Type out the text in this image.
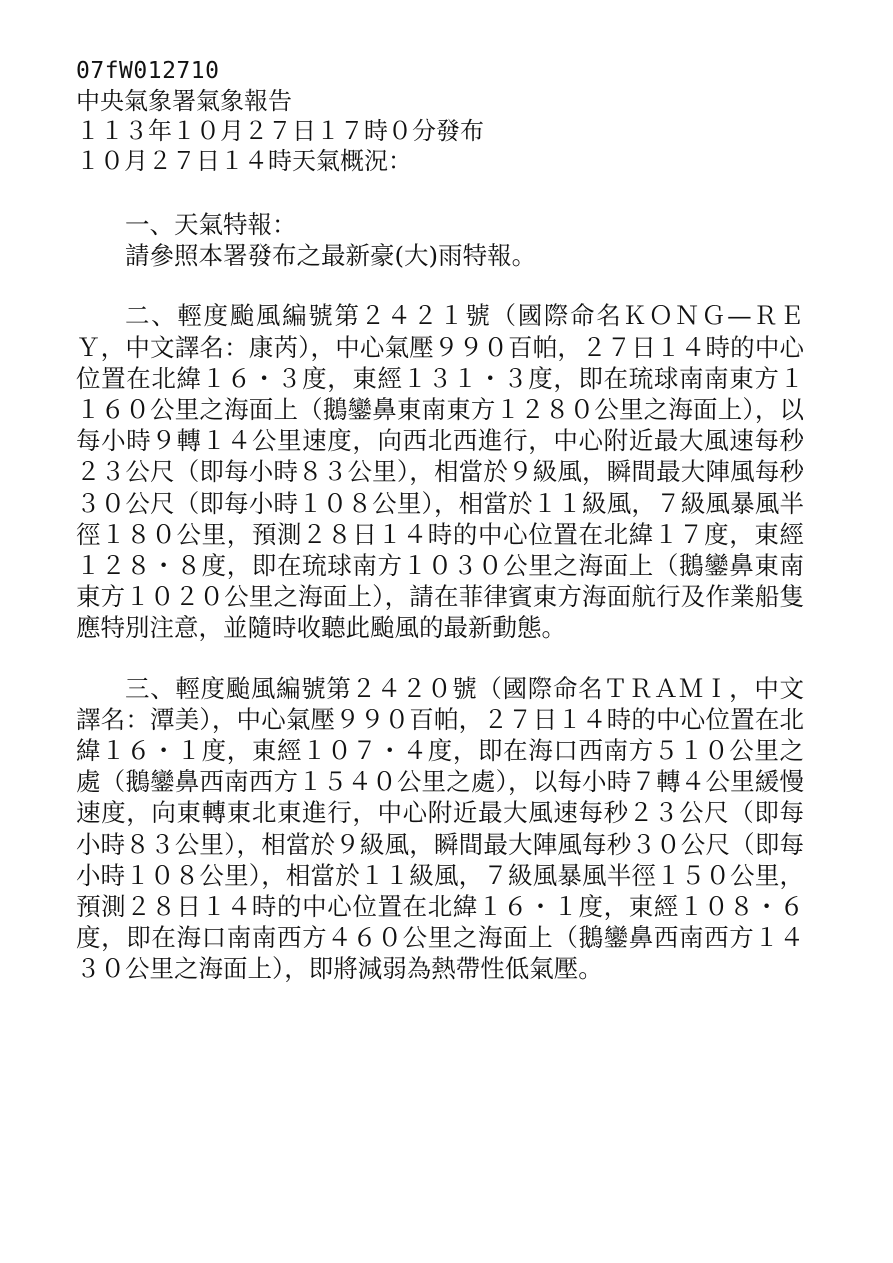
07fW012710
中央氣象署氣象報告
１１３年１０月２７日１７時０分發布
１０月２７日１４時天氣概況：
一、天氣特報：
請參照本署發布之最新豪(大)雨特報。
二、輕度颱風編號第２４２１號（國際命名ＫＯＮＧ—ＲＥＹ，中文譯名：康芮），中心氣壓９９０百帕，２７日１４時的中心位置在北緯１６・３度，東經１３１・３度，即在琉球南南東方１１６０公里之海面上（鵝鑾鼻東南東方１２８０公里之海面上），以每小時９轉１４公里速度，向西北西進行，中心附近最大風速每秒２３公尺（即每小時８３公里），相當於９級風，瞬間最大陣風每秒３０公尺（即每小時１０８公里），相當於１１級風，７級風暴風半徑１８０公里，預測２８日１４時的中心位置在北緯１７度，東經１２８・８度，即在琉球南方１０３０公里之海面上（鵝鑾鼻東南東方１０２０公里之海面上），請在菲律賓東方海面航行及作業船隻應特別注意，並隨時收聽此颱風的最新動態。
三、輕度颱風編號第２４２０號（國際命名ＴＲＡＭＩ，中文譯名：潭美），中心氣壓９９０百帕，２７日１４時的中心位置在北緯１６・１度，東經１０７・４度，即在海口西南方５１０公里之處（鵝鑾鼻西南西方１５４０公里之處），以每小時７轉４公里緩慢速度，向東轉東北東進行，中心附近最大風速每秒２３公尺（即每小時８３公里），相當於９級風，瞬間最大陣風每秒３０公尺（即每小時１０８公里），相當於１１級風，７級風暴風半徑１５０公里，預測２８日１４時的中心位置在北緯１６・１度，東經１０８・６度，即在海口南南西方４６０公里之海面上（鵝鑾鼻西南西方１４３０公里之海面上），即將減弱為熱帶性低氣壓。
